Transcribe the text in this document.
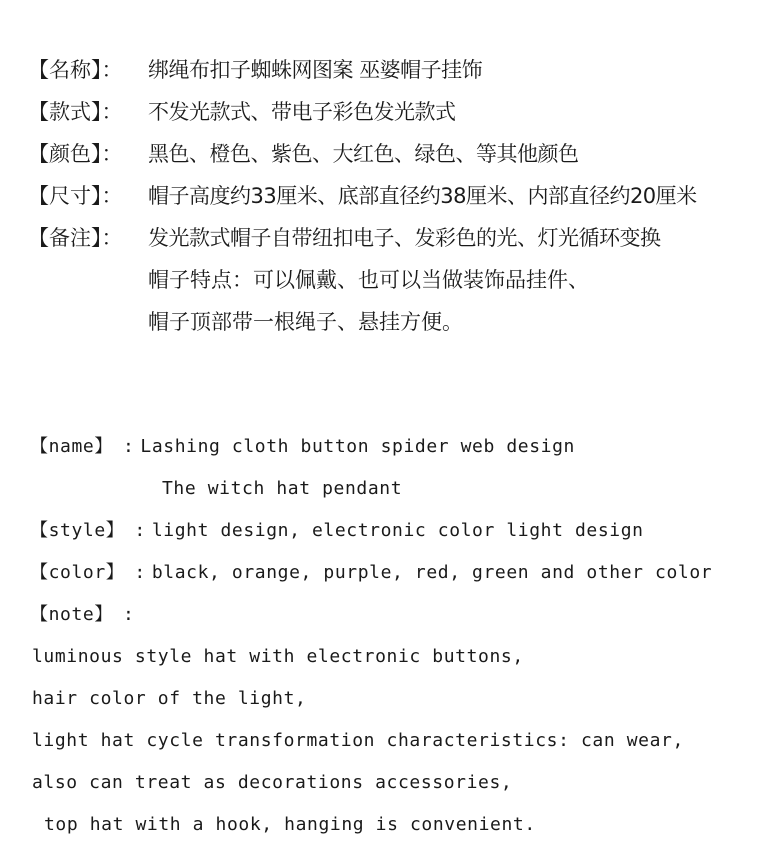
【名称】：	绑绳布扣子蜘蛛网图案 巫婆帽子挂饰
【款式】：	不发光款式、带电子彩色发光款式
【颜色】：	黑色、橙色、紫色、大红色、绿色、等其他颜色
【尺寸】：	帽子高度约33厘米、底部直径约38厘米、内部直径约20厘米
【备注】：	发光款式帽子自带纽扣电子、发彩色的光、灯光循环变换
帽子特点：可以佩戴、也可以当做装饰品挂件、
帽子顶部带一根绳子、悬挂方便。
【name】 : Lashing cloth button spider web design
The witch hat pendant
【style】 : light design, electronic color light design
【color】 : black, orange, purple, red, green and other color
【note】 :
luminous style hat with electronic buttons,
hair color of the light,
light hat cycle transformation characteristics: can wear,
also can treat as decorations accessories,
top hat with a hook, hanging is convenient.
